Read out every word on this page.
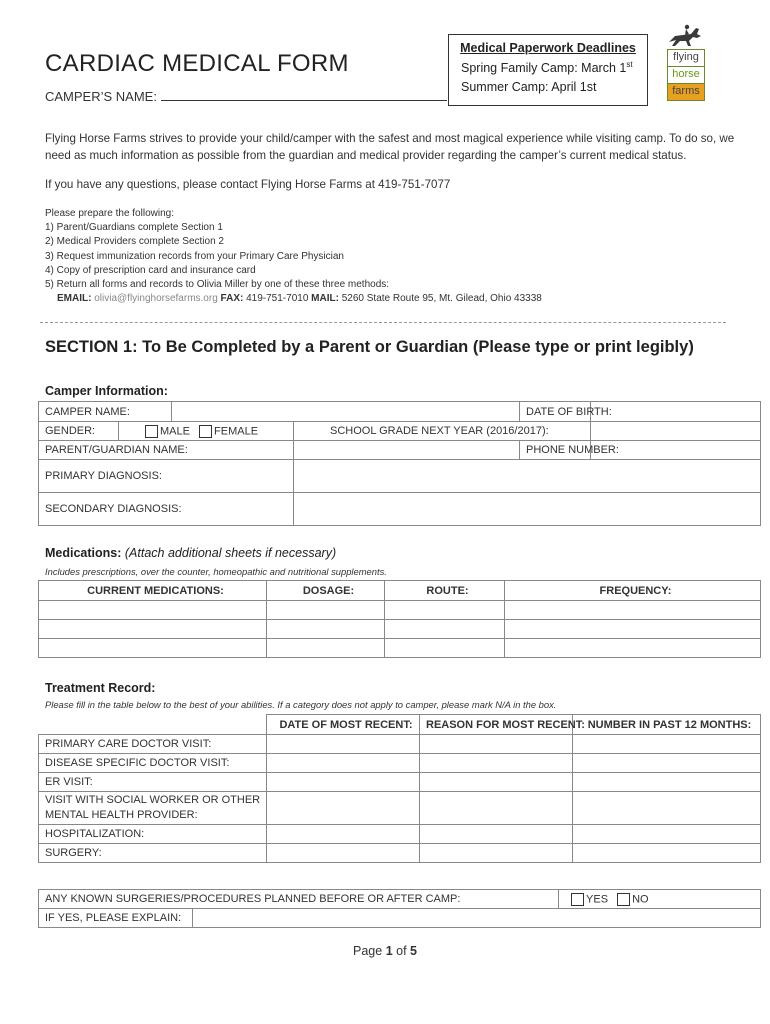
CARDIAC MEDICAL FORM
CAMPER’S NAME:
Medical Paperwork Deadlines
Spring Family Camp: March 1st
Summer Camp: April 1st
flying
horse
farms
Flying Horse Farms strives to provide your child/camper with the safest and most magical experience while visiting camp. To do so, we need as much information as possible from the guardian and medical provider regarding the camper’s current medical status.
If you have any questions, please contact Flying Horse Farms at 419-751-7077
Please prepare the following:
1) Parent/Guardians complete Section 1
2) Medical Providers complete Section 2
3) Request immunization records from your Primary Care Physician
4) Copy of prescription card and insurance card
5) Return all forms and records to Olivia Miller by one of these three methods:
EMAIL: olivia@flyinghorsefarms.org FAX: 419-751-7010 MAIL: 5260 State Route 95, Mt. Gilead, Ohio 43338
SECTION 1: To Be Completed by a Parent or Guardian (Please type or print legibly)
Camper Information:
CAMPER NAME:				DATE OF BIRTH:	
GENDER:	MALE FEMALE		SCHOOL GRADE NEXT YEAR (2016/2017):		
PARENT/GUARDIAN NAME:				PHONE NUMBER:	
PRIMARY DIAGNOSIS:					
SECONDARY DIAGNOSIS:					
Medications: (Attach additional sheets if necessary)
Includes prescriptions, over the counter, homeopathic and nutritional supplements.
CURRENT MEDICATIONS:	DOSAGE:	ROUTE:	FREQUENCY:

Treatment Record:
Please fill in the table below to the best of your abilities. If a category does not apply to camper, please mark N/A in the box.
	DATE OF MOST RECENT:	REASON FOR MOST RECENT:	NUMBER IN PAST 12 MONTHS:
PRIMARY CARE DOCTOR VISIT:			
DISEASE SPECIFIC DOCTOR VISIT:			
ER VISIT:			

VISIT WITH SOCIAL WORKER OR OTHER
MENTAL HEALTH PROVIDER:			

HOSPITALIZATION:			
SURGERY:			
ANY KNOWN SURGERIES/PROCEDURES PLANNED BEFORE OR AFTER CAMP:		YES NO
IF YES, PLEASE EXPLAIN:		
Page 1 of 5
